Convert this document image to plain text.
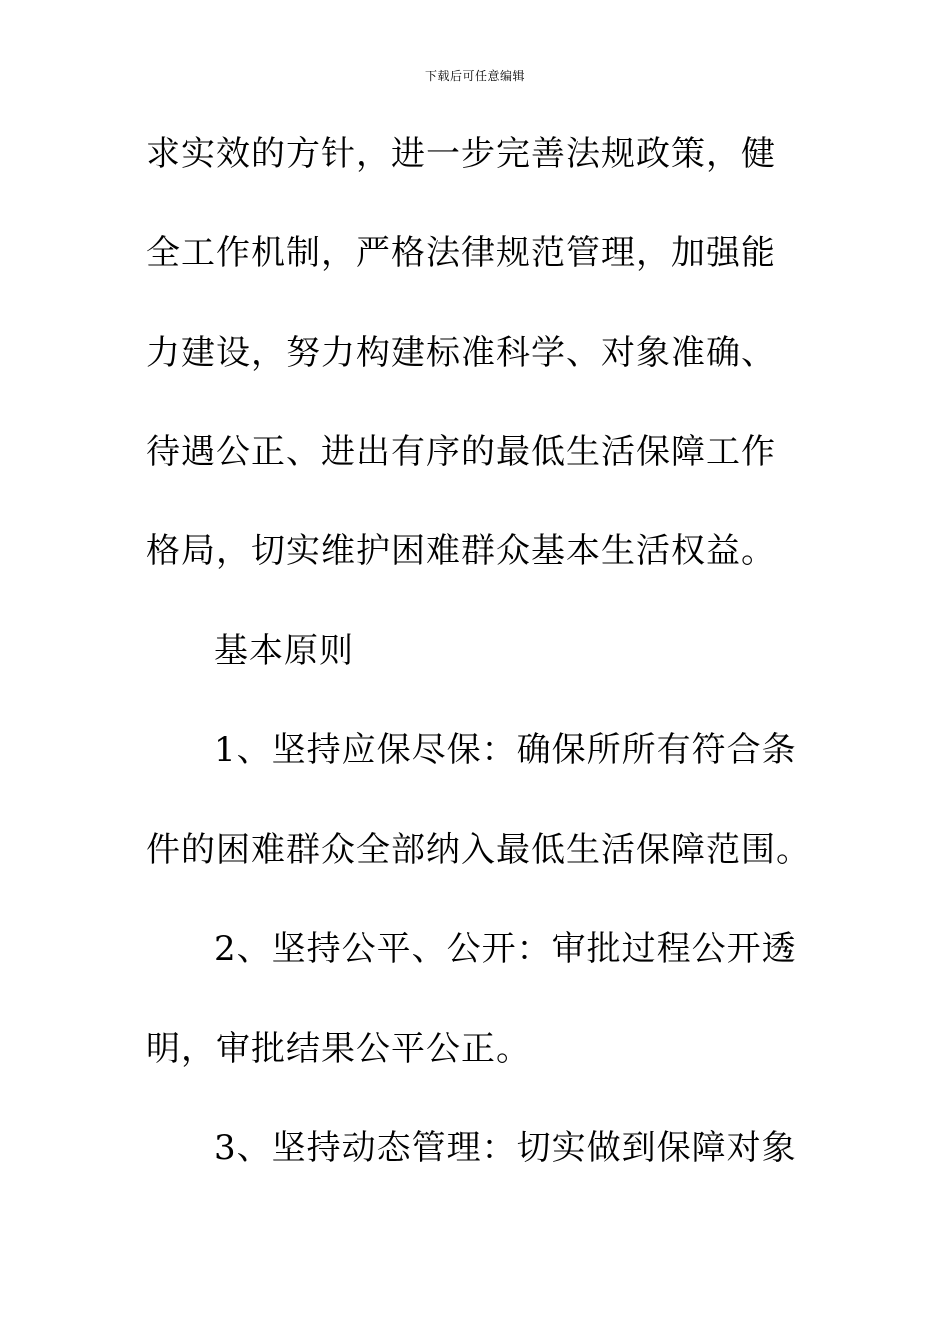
下载后可任意编辑

求实效的方针，进一步完善法规政策，健

全工作机制，严格法律规范管理，加强能

力建设，努力构建标准科学、对象准确、

待遇公正、进出有序的最低生活保障工作

格局，切实维护困难群众基本生活权益。

基本原则

1、坚持应保尽保：确保所所有符合条

件的困难群众全部纳入最低生活保障范围。

2、坚持公平、公开：审批过程公开透

明，审批结果公平公正。

3、坚持动态管理：切实做到保障对象
